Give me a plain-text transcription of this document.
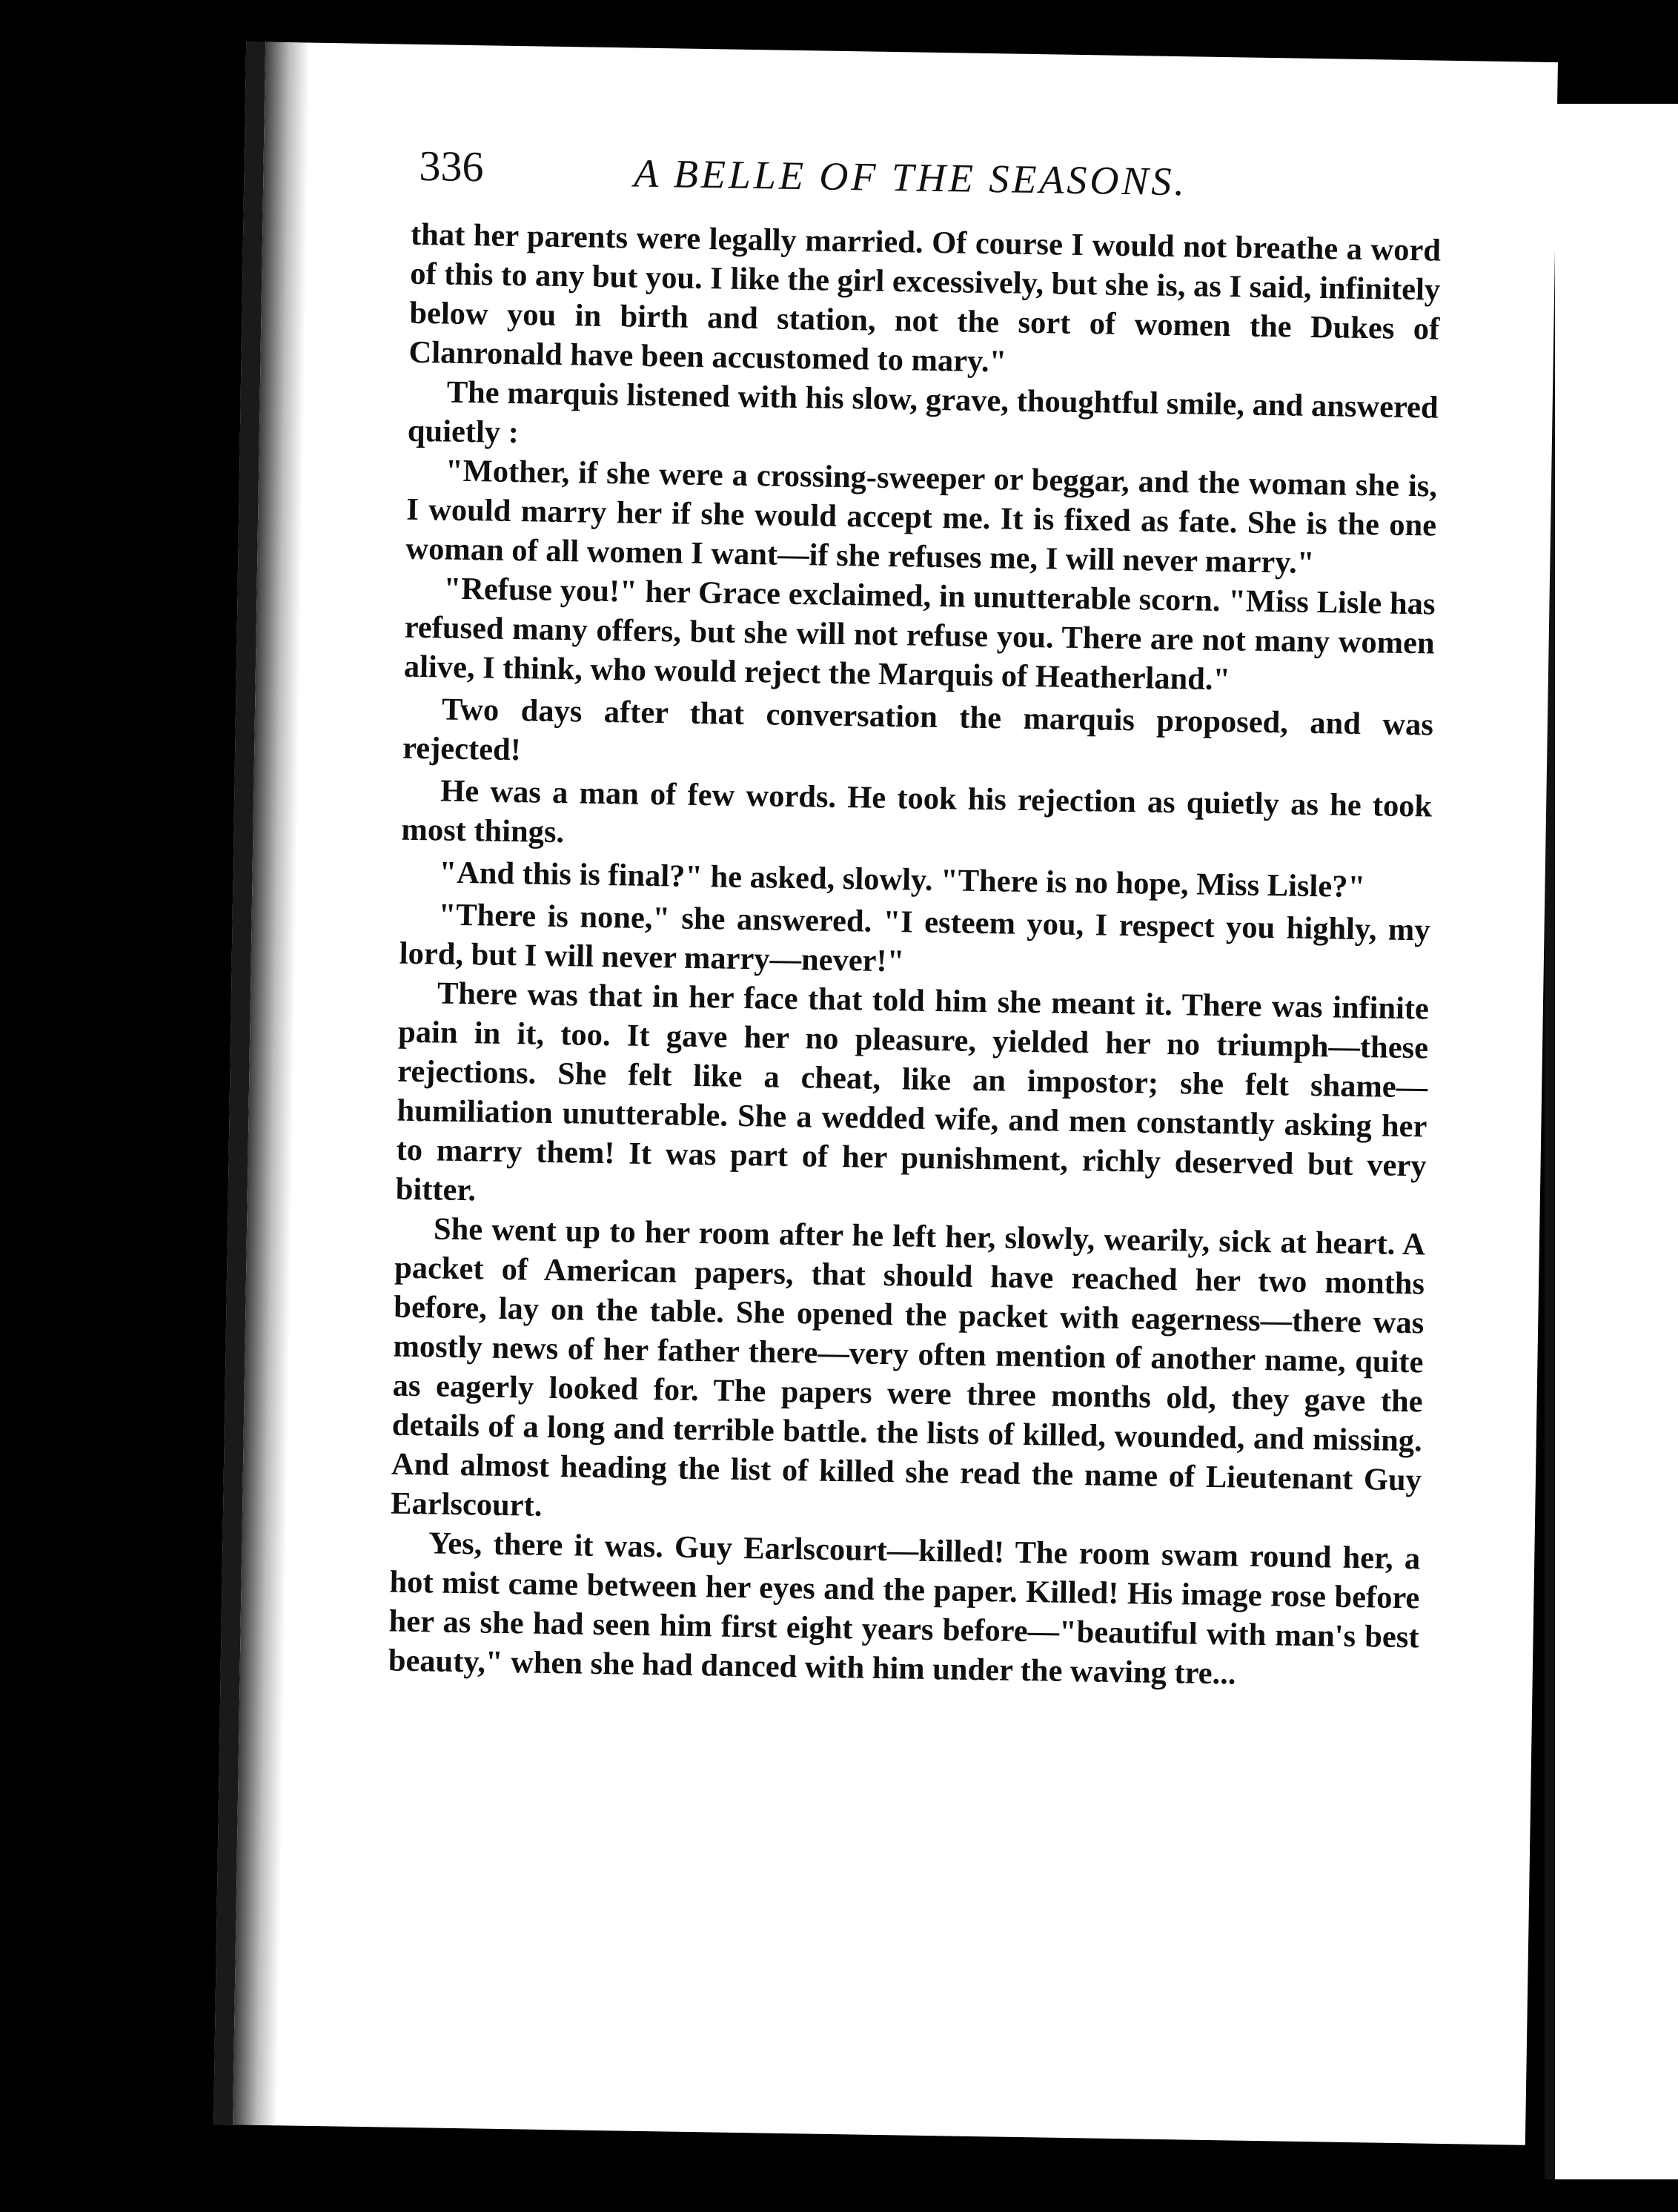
336	A BELLE OF THE SEASONS.

that her parents were legally married. Of course I would not breathe a word of this to any but you. I like the girl excessively, but she is, as I said, infinitely below you in birth and station, not the sort of women the Dukes of Clanronald have been accustomed to mary."

The marquis listened with his slow, grave, thoughtful smile, and answered quietly :

"Mother, if she were a crossing-sweeper or beggar, and the woman she is, I would marry her if she would accept me. It is fixed as fate. She is the one woman of all women I want—if she refuses me, I will never marry."

"Refuse you!" her Grace exclaimed, in unutterable scorn. "Miss Lisle has refused many offers, but she will not refuse you. There are not many women alive, I think, who would reject the Marquis of Heatherland."

Two days after that conversation the marquis proposed, and was rejected!

He was a man of few words. He took his rejection as quietly as he took most things.

"And this is final?" he asked, slowly. "There is no hope, Miss Lisle?"

"There is none," she answered. "I esteem you, I respect you highly, my lord, but I will never marry—never!"

There was that in her face that told him she meant it. There was infinite pain in it, too. It gave her no pleasure, yielded her no triumph—these rejections. She felt like a cheat, like an impostor; she felt shame—humiliation unutterable. She a wedded wife, and men constantly asking her to marry them! It was part of her punishment, richly deserved but very bitter.

She went up to her room after he left her, slowly, wearily, sick at heart. A packet of American papers, that should have reached her two months before, lay on the table. She opened the packet with eagerness—there was mostly news of her father there—very often mention of another name, quite as eagerly looked for. The papers were three months old, they gave the details of a long and terrible battle. the lists of killed, wounded, and missing. And almost heading the list of killed she read the name of Lieutenant Guy Earlscourt.

Yes, there it was. Guy Earlscourt—killed! The room swam round her, a hot mist came between her eyes and the paper. Killed! His image rose before her as she had seen him first eight years before—"beautiful with man's best beauty," when she had danced with him under the waving tre...
